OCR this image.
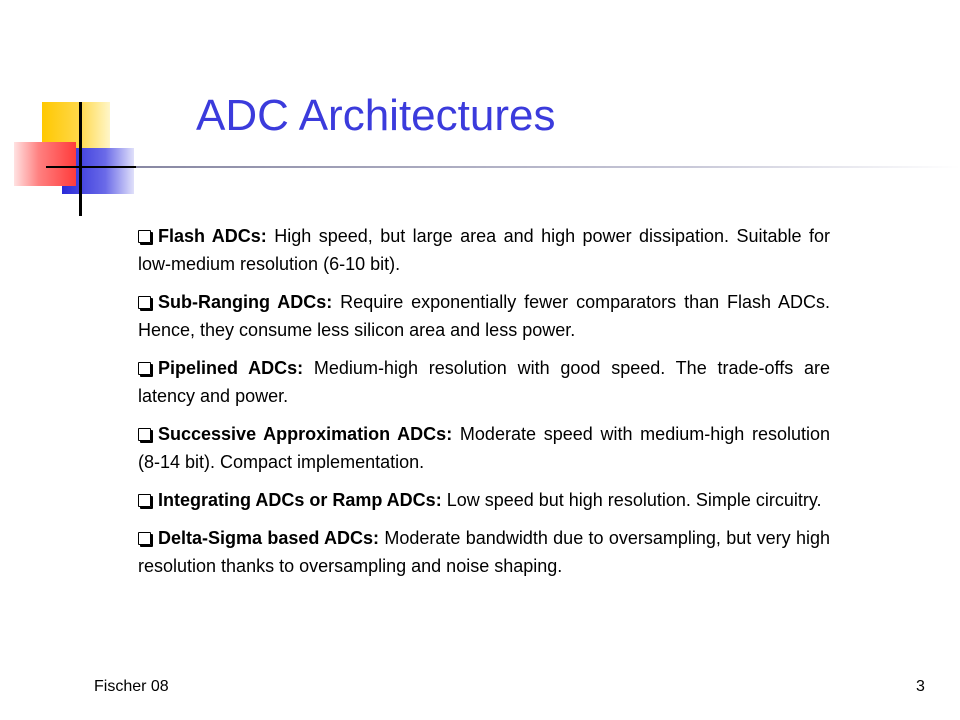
ADC Architectures
Flash ADCs: High speed, but large area and high power dissipation. Suitable for low-medium resolution (6-10 bit).
Sub-Ranging ADCs: Require exponentially fewer comparators than Flash ADCs. Hence, they consume less silicon area and less power.
Pipelined ADCs: Medium-high resolution with good speed. The trade-offs are latency and power.
Successive Approximation ADCs: Moderate speed with medium-high resolution (8-14 bit). Compact implementation.
Integrating ADCs or Ramp ADCs: Low speed but high resolution. Simple circuitry.
Delta-Sigma based ADCs: Moderate bandwidth due to oversampling, but very high resolution thanks to oversampling and noise shaping.
Fischer 08	3
